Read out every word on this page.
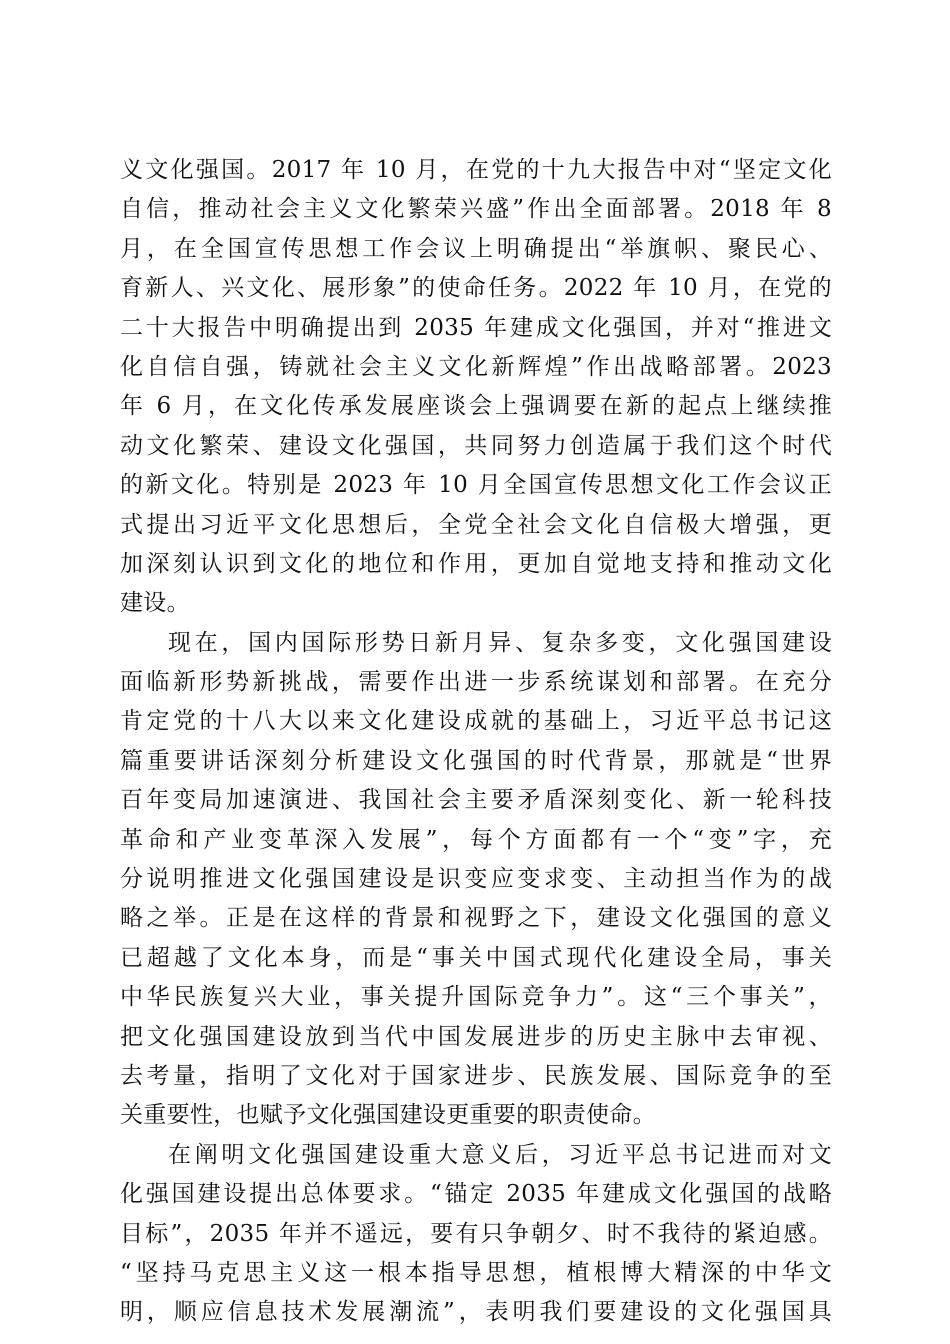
义文化强国。2017 年 10 月，在党的十九大报告中对“坚定文化
自信，推动社会主义文化繁荣兴盛”作出全面部署。2018 年 8
月，在全国宣传思想工作会议上明确提出“举旗帜、聚民心、
育新人、兴文化、展形象”的使命任务。2022 年 10 月，在党的
二十大报告中明确提出到 2035 年建成文化强国，并对“推进文
化自信自强，铸就社会主义文化新辉煌”作出战略部署。2023
年 6 月，在文化传承发展座谈会上强调要在新的起点上继续推
动文化繁荣、建设文化强国，共同努力创造属于我们这个时代
的新文化。特别是 2023 年 10 月全国宣传思想文化工作会议正
式提出习近平文化思想后，全党全社会文化自信极大增强，更
加深刻认识到文化的地位和作用，更加自觉地支持和推动文化
建设。
现在，国内国际形势日新月异、复杂多变，文化强国建设
面临新形势新挑战，需要作出进一步系统谋划和部署。在充分
肯定党的十八大以来文化建设成就的基础上，习近平总书记这
篇重要讲话深刻分析建设文化强国的时代背景，那就是“世界
百年变局加速演进、我国社会主要矛盾深刻变化、新一轮科技
革命和产业变革深入发展”，每个方面都有一个“变”字，充
分说明推进文化强国建设是识变应变求变、主动担当作为的战
略之举。正是在这样的背景和视野之下，建设文化强国的意义
已超越了文化本身，而是“事关中国式现代化建设全局，事关
中华民族复兴大业，事关提升国际竞争力”。这“三个事关”，
把文化强国建设放到当代中国发展进步的历史主脉中去审视、
去考量，指明了文化对于国家进步、民族发展、国际竞争的至
关重要性，也赋予文化强国建设更重要的职责使命。
在阐明文化强国建设重大意义后，习近平总书记进而对文
化强国建设提出总体要求。“锚定 2035 年建成文化强国的战略
目标”，2035 年并不遥远，要有只争朝夕、时不我待的紧迫感。
“坚持马克思主义这一根本指导思想，植根博大精深的中华文
明，顺应信息技术发展潮流”，表明我们要建设的文化强国具
